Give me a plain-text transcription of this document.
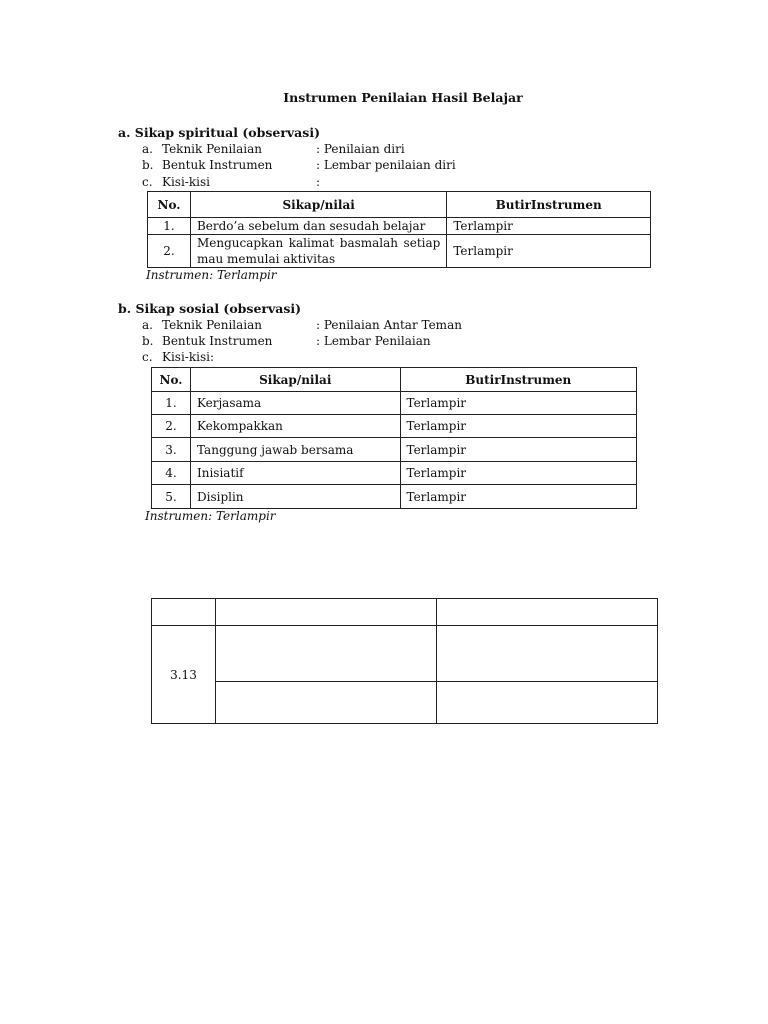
Instrumen Penilaian Hasil Belajar
a. Sikap spiritual (observasi)
a. Teknik Penilaian	: Penilaian diri
b. Bentuk Instrumen	: Lembar penilaian diri
c. Kisi-kisi	:
No.	Sikap/nilai	ButirInstrumen
1.	Berdo’a sebelum dan sesudah belajar	Terlampir
2.	Mengucapkan kalimat basmalah setiap mau memulai aktivitas	Terlampir
Instrumen: Terlampir
b. Sikap sosial (observasi)
a. Teknik Penilaian	: Penilaian Antar Teman
b. Bentuk Instrumen	: Lembar Penilaian
c. Kisi-kisi:
No.	Sikap/nilai	ButirInstrumen
1.	Kerjasama	Terlampir
2.	Kekompakkan	Terlampir
3.	Tanggung jawab bersama	Terlampir
4.	Inisiatif	Terlampir
5.	Disiplin	Terlampir
Instrumen: Terlampir

3.13		
